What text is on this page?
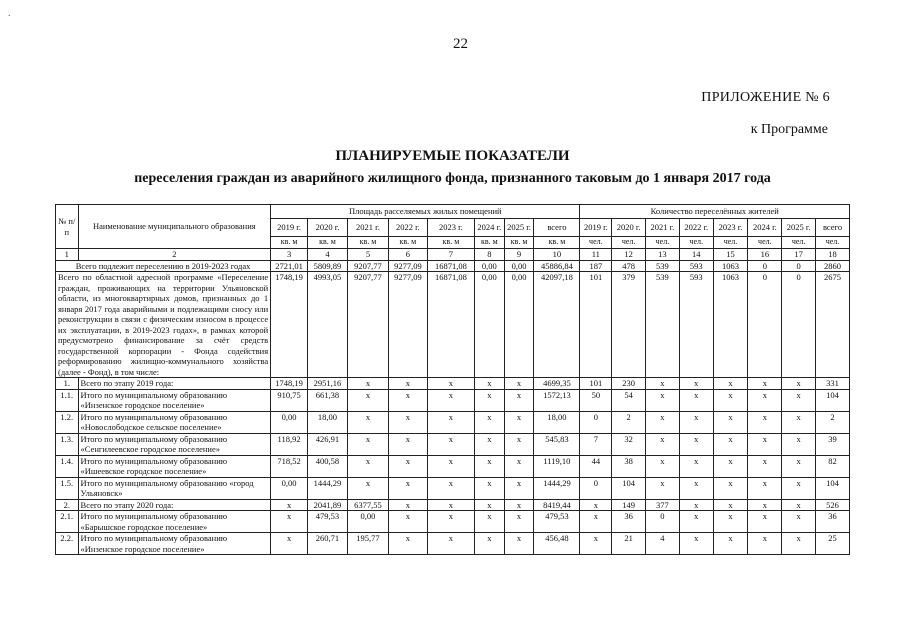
22
ПРИЛОЖЕНИЕ № 6
к Программе
ПЛАНИРУЕМЫЕ ПОКАЗАТЕЛИ
переселения граждан из аварийного жилищного фонда, признанного таковым до 1 января 2017 года
.
№ п/п	Наименование муниципального образования	Площадь расселяемых жилых помещений								Количество переселённых жителей							
		2019 г.	2020 г.	2021 г.	2022 г.	2023 г.	2024 г.	2025 г.	всего	2019 г.	2020 г.	2021 г.	2022 г.	2023 г.	2024 г.	2025 г.	всего
		кв. м	кв. м	кв. м	кв. м	кв. м	кв. м	кв. м	кв. м	чел.	чел.	чел.	чел.	чел.	чел.	чел.	чел.
1	2	3	4	5	6	7	8	9	10	11	12	13	14	15	16	17	18
Всего подлежит переселению в 2019-2023 годах		2721,01	5809,89	9207,77	9277,09	16871,08	0,00	0,00	45886,84	187	478	539	593	1063	0	0	2860
Всего по областной адресной программе «Переселение граждан, проживающих на территории Ульяновской области, из многоквартирных домов, признанных до 1 января 2017 года аварийными и подлежащими сносу или реконструкции в связи с физическим износом в процессе их эксплуатации, в 2019-2023 годах», в рамках которой предусмотрено финансирование за счёт средств государственной корпорации - Фонда содействия реформированию жилищно-коммунального хозяйства (далее - Фонд), в том числе:		1748,19	4993,05	9207,77	9277,09	16871,08	0,00	0,00	42097,18	101	379	539	593	1063	0	0	2675
1.	Всего по этапу 2019 года:	1748,19	2951,16	х	х	х	х	х	4699,35	101	230	х	х	х	х	х	331
1.1.	Итого по муниципальному образованию «Инзенское городское поселение»	910,75	661,38	х	х	х	х	х	1572,13	50	54	х	х	х	х	х	104
1.2.	Итого по муниципальному образованию «Новослободское сельское поселение»	0,00	18,00	х	х	х	х	х	18,00	0	2	х	х	х	х	х	2
1.3.	Итого по муниципальному образованию «Сенгилеевское городское поселение»	118,92	426,91	х	х	х	х	х	545,83	7	32	х	х	х	х	х	39
1.4.	Итого по муниципальному образованию «Ишеевское городское поселение»	718,52	400,58	х	х	х	х	х	1119,10	44	38	х	х	х	х	х	82
1.5.	Итого по муниципальному образованию «город Ульяновск»	0,00	1444,29	х	х	х	х	х	1444,29	0	104	х	х	х	х	х	104
2.	Всего по этапу 2020 года:	х	2041,89	6377,55	х	х	х	х	8419,44	х	149	377	х	х	х	х	526
2.1.	Итого по муниципальному образованию «Барышское городское поселение»	х	479,53	0,00	х	х	х	х	479,53	х	36	0	х	х	х	х	36
2.2.	Итого по муниципальному образованию «Инзенское городское поселение»	х	260,71	195,77	х	х	х	х	456,48	х	21	4	х	х	х	х	25
